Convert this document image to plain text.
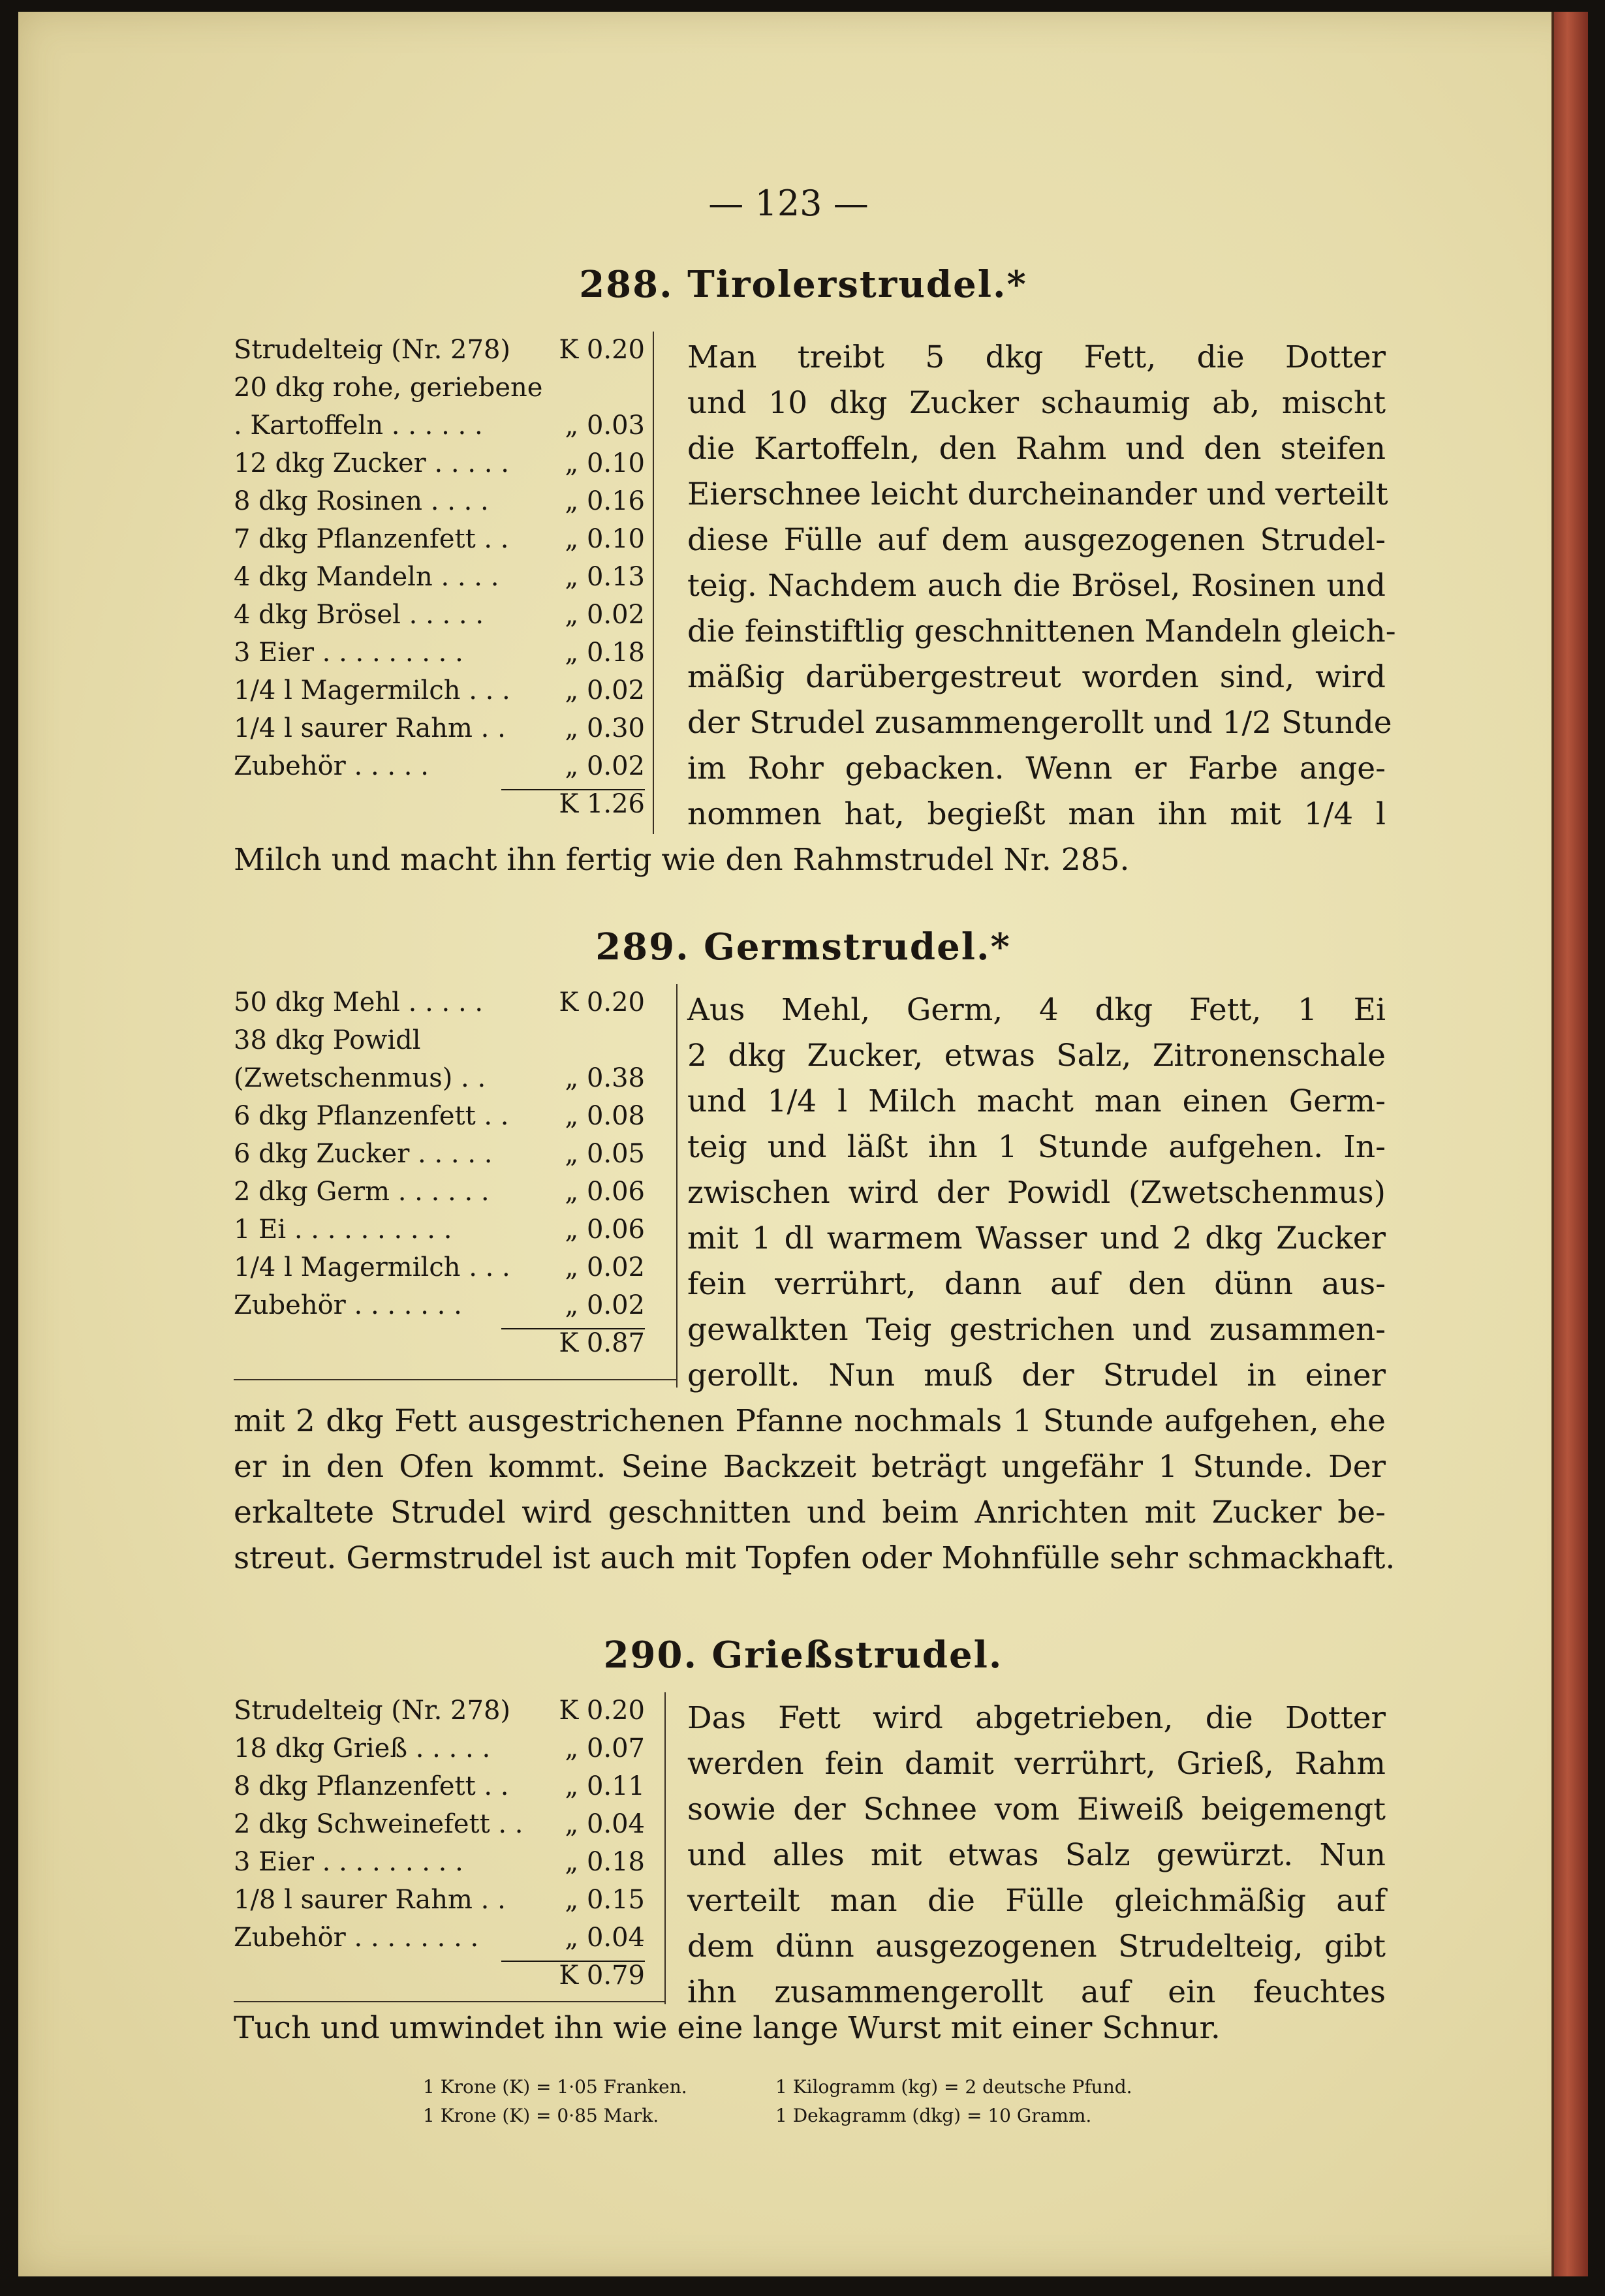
— 123 —
288. Tirolerstrudel.*
Strudelteig (Nr. 278)	K 0.20
20 dkg rohe, geriebene
. Kartoffeln . . . . . .	„ 0.03
12 dkg Zucker . . . . .	„ 0.10
8 dkg Rosinen . . . .	„ 0.16
7 dkg Pflanzenfett . .	„ 0.10
4 dkg Mandeln . . . .	„ 0.13
4 dkg Brösel . . . . .	„ 0.02
3 Eier . . . . . . . . .	„ 0.18
1/4 l Magermilch . . .	„ 0.02
1/4 l saurer Rahm . .	„ 0.30
Zubehör . . . . .	„ 0.02
K 1.26
Man treibt 5 dkg Fett, die Dotter
und 10 dkg Zucker schaumig ab, mischt
die Kartoffeln, den Rahm und den steifen
Eierschnee leicht durcheinander und verteilt
diese Fülle auf dem ausgezogenen Strudel-
teig. Nachdem auch die Brösel, Rosinen und
die feinstiftlig geschnittenen Mandeln gleich-
mäßig darübergestreut worden sind, wird
der Strudel zusammengerollt und 1/2 Stunde
im Rohr gebacken. Wenn er Farbe ange-
nommen hat, begießt man ihn mit 1/4 l
Milch und macht ihn fertig wie den Rahmstrudel Nr. 285.
289. Germstrudel.*
50 dkg Mehl . . . . .	K 0.20
38 dkg Powidl
(Zwetschenmus) . .	„ 0.38
6 dkg Pflanzenfett . .	„ 0.08
6 dkg Zucker . . . . .	„ 0.05
2 dkg Germ . . . . . .	„ 0.06
1 Ei . . . . . . . . . .	„ 0.06
1/4 l Magermilch . . .	„ 0.02
Zubehör . . . . . . .	„ 0.02
K 0.87
Aus Mehl, Germ, 4 dkg Fett, 1 Ei
2 dkg Zucker, etwas Salz, Zitronenschale
und 1/4 l Milch macht man einen Germ-
teig und läßt ihn 1 Stunde aufgehen. In-
zwischen wird der Powidl (Zwetschenmus)
mit 1 dl warmem Wasser und 2 dkg Zucker
fein verrührt, dann auf den dünn aus-
gewalkten Teig gestrichen und zusammen-
gerollt. Nun muß der Strudel in einer
mit 2 dkg Fett ausgestrichenen Pfanne nochmals 1 Stunde aufgehen, ehe
er in den Ofen kommt. Seine Backzeit beträgt ungefähr 1 Stunde. Der
erkaltete Strudel wird geschnitten und beim Anrichten mit Zucker be-
streut. Germstrudel ist auch mit Topfen oder Mohnfülle sehr schmackhaft.
290. Grießstrudel.
Strudelteig (Nr. 278)	K 0.20
18 dkg Grieß . . . . .	„ 0.07
8 dkg Pflanzenfett . .	„ 0.11
2 dkg Schweinefett . .	„ 0.04
3 Eier . . . . . . . . .	„ 0.18
1/8 l saurer Rahm . .	„ 0.15
Zubehör . . . . . . . .	„ 0.04
K 0.79
Das Fett wird abgetrieben, die Dotter
werden fein damit verrührt, Grieß, Rahm
sowie der Schnee vom Eiweiß beigemengt
und alles mit etwas Salz gewürzt. Nun
verteilt man die Fülle gleichmäßig auf
dem dünn ausgezogenen Strudelteig, gibt
ihn zusammengerollt auf ein feuchtes
Tuch und umwindet ihn wie eine lange Wurst mit einer Schnur.
1 Krone (K) = 1·05 Franken.
1 Krone (K) = 0·85 Mark.
1 Kilogramm (kg) = 2 deutsche Pfund.
1 Dekagramm (dkg) = 10 Gramm.
